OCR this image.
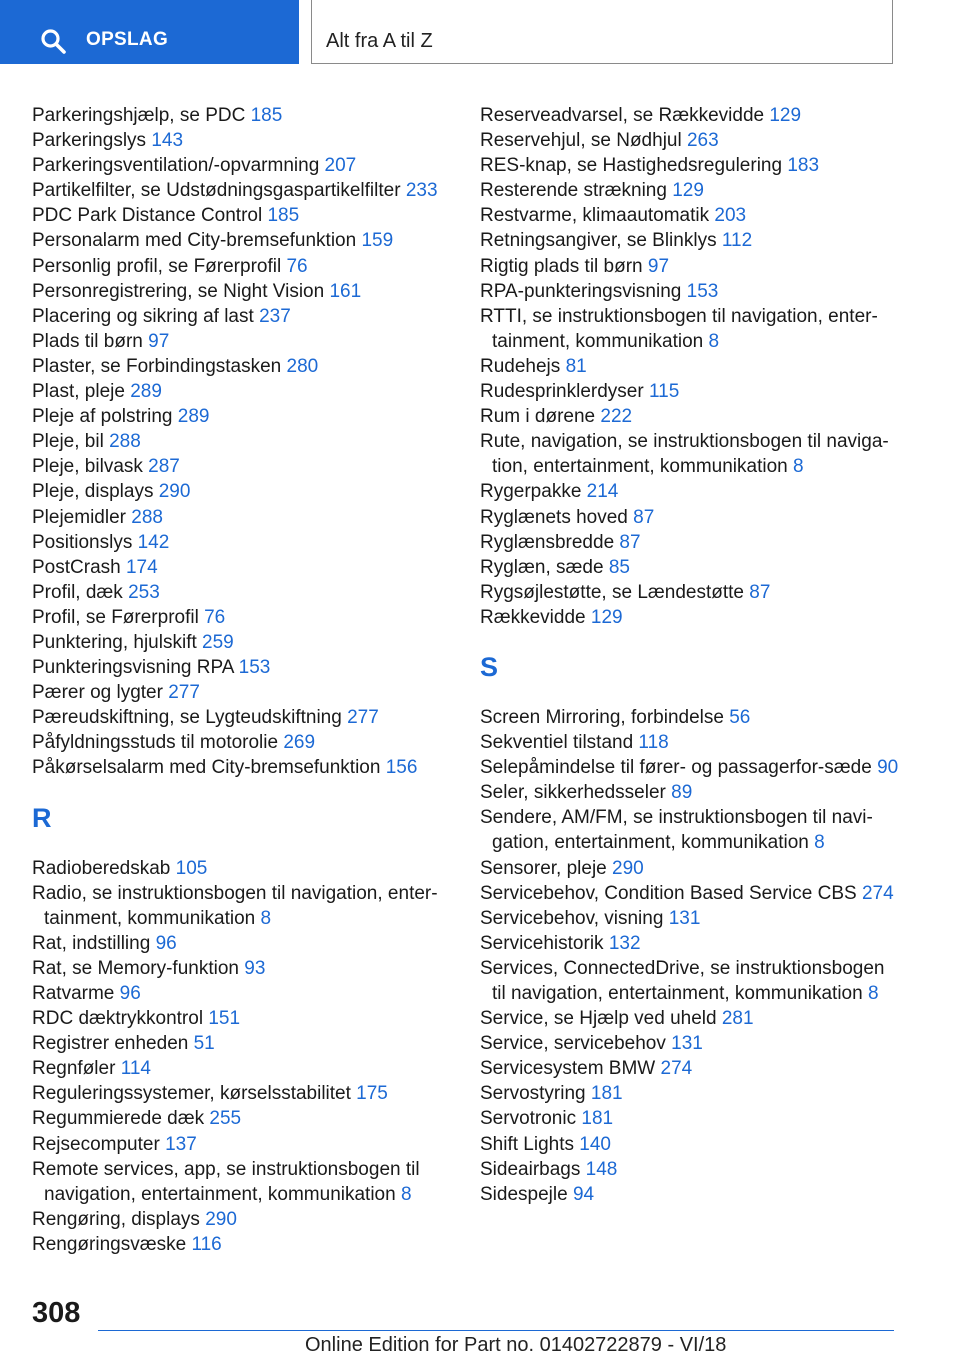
OPSLAG	Alt fra A til Z
Parkeringshjælp, se PDC 185
Parkeringslys 143
Parkeringsventilation/-opvarmning 207
Partikelfilter, se Udstødningsgaspartikelfilter 233
PDC Park Distance Control 185
Personalarm med City-bremsefunktion 159
Personlig profil, se Førerprofil 76
Personregistrering, se Night Vision 161
Placering og sikring af last 237
Plads til børn 97
Plaster, se Forbindingstasken 280
Plast, pleje 289
Pleje af polstring 289
Pleje, bil 288
Pleje, bilvask 287
Pleje, displays 290
Plejemidler 288
Positionslys 142
PostCrash 174
Profil, dæk 253
Profil, se Førerprofil 76
Punktering, hjulskift 259
Punkteringsvisning RPA 153
Pærer og lygter 277
Pæreudskiftning, se Lygteudskiftning 277
Påfyldningsstuds til motorolie 269
Påkørselsalarm med City-bremsefunktion 156
R
Radioberedskab 105
Radio, se instruktionsbogen til navigation, enter-tainment, kommunikation 8
Rat, indstilling 96
Rat, se Memory-funktion 93
Ratvarme 96
RDC dæktrykkontrol 151
Registrer enheden 51
Regnføler 114
Reguleringssystemer, kørselsstabilitet 175
Regummierede dæk 255
Rejsecomputer 137
Remote services, app, se instruktionsbogen til navigation, entertainment, kommunikation 8
Rengøring, displays 290
Rengøringsvæske 116
Reserveadvarsel, se Rækkevidde 129
Reservehjul, se Nødhjul 263
RES-knap, se Hastighedsregulering 183
Resterende strækning 129
Restvarme, klimaautomatik 203
Retningsangiver, se Blinklys 112
Rigtig plads til børn 97
RPA-punkteringsvisning 153
RTTI, se instruktionsbogen til navigation, enter-tainment, kommunikation 8
Rudehejs 81
Rudesprinklerdyser 115
Rum i dørene 222
Rute, navigation, se instruktionsbogen til naviga-tion, entertainment, kommunikation 8
Rygerpakke 214
Ryglænets hoved 87
Ryglænsbredde 87
Ryglæn, sæde 85
Rygsøjlestøtte, se Lændestøtte 87
Rækkevidde 129
S
Screen Mirroring, forbindelse 56
Sekventiel tilstand 118
Selepåmindelse til fører- og passagerfor-sæde 90
Seler, sikkerhedsseler 89
Sendere, AM/FM, se instruktionsbogen til navi-gation, entertainment, kommunikation 8
Sensorer, pleje 290
Servicebehov, Condition Based Service CBS 274
Servicebehov, visning 131
Servicehistorik 132
Services, ConnectedDrive, se instruktionsbogen til navigation, entertainment, kommunikation 8
Service, se Hjælp ved uheld 281
Service, servicebehov 131
Servicesystem BMW 274
Servostyring 181
Servotronic 181
Shift Lights 140
Sideairbags 148
Sidespejle 94
308
Online Edition for Part no. 01402722879 - VI/18
